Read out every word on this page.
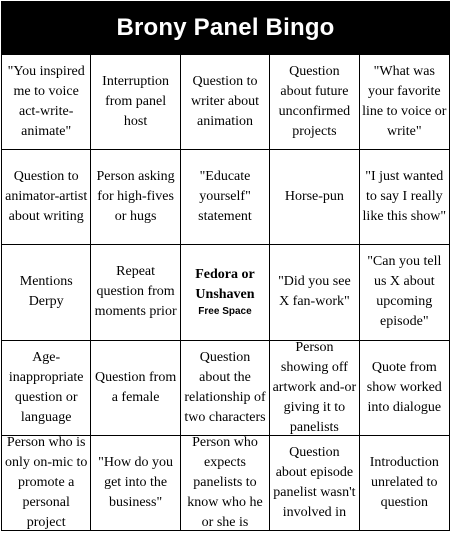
Brony Panel Bingo
"You inspired me to voice act-write-animate"
Interruption from panel host
Question to writer about animation
Question about future unconfirmed projects
"What was your favorite line to voice or write"
Question to animator-artist about writing
Person asking for high-fives or hugs
"Educate yourself" statement
Horse-pun
"I just wanted to say I really like this show"
Mentions Derpy
Repeat question from moments prior
Fedora or Unshaven
Free Space
"Did you see X fan-work"
"Can you tell us X about upcoming episode"
Age-inappropriate question or language
Question from a female
Question about the relationship of two characters
Person showing off artwork and-or giving it to panelists
Quote from show worked into dialogue
Person who is only on-mic to promote a personal project
"How do you get into the business"
Person who expects panelists to know who he or she is
Question about episode panelist wasn't involved in
Introduction unrelated to question
